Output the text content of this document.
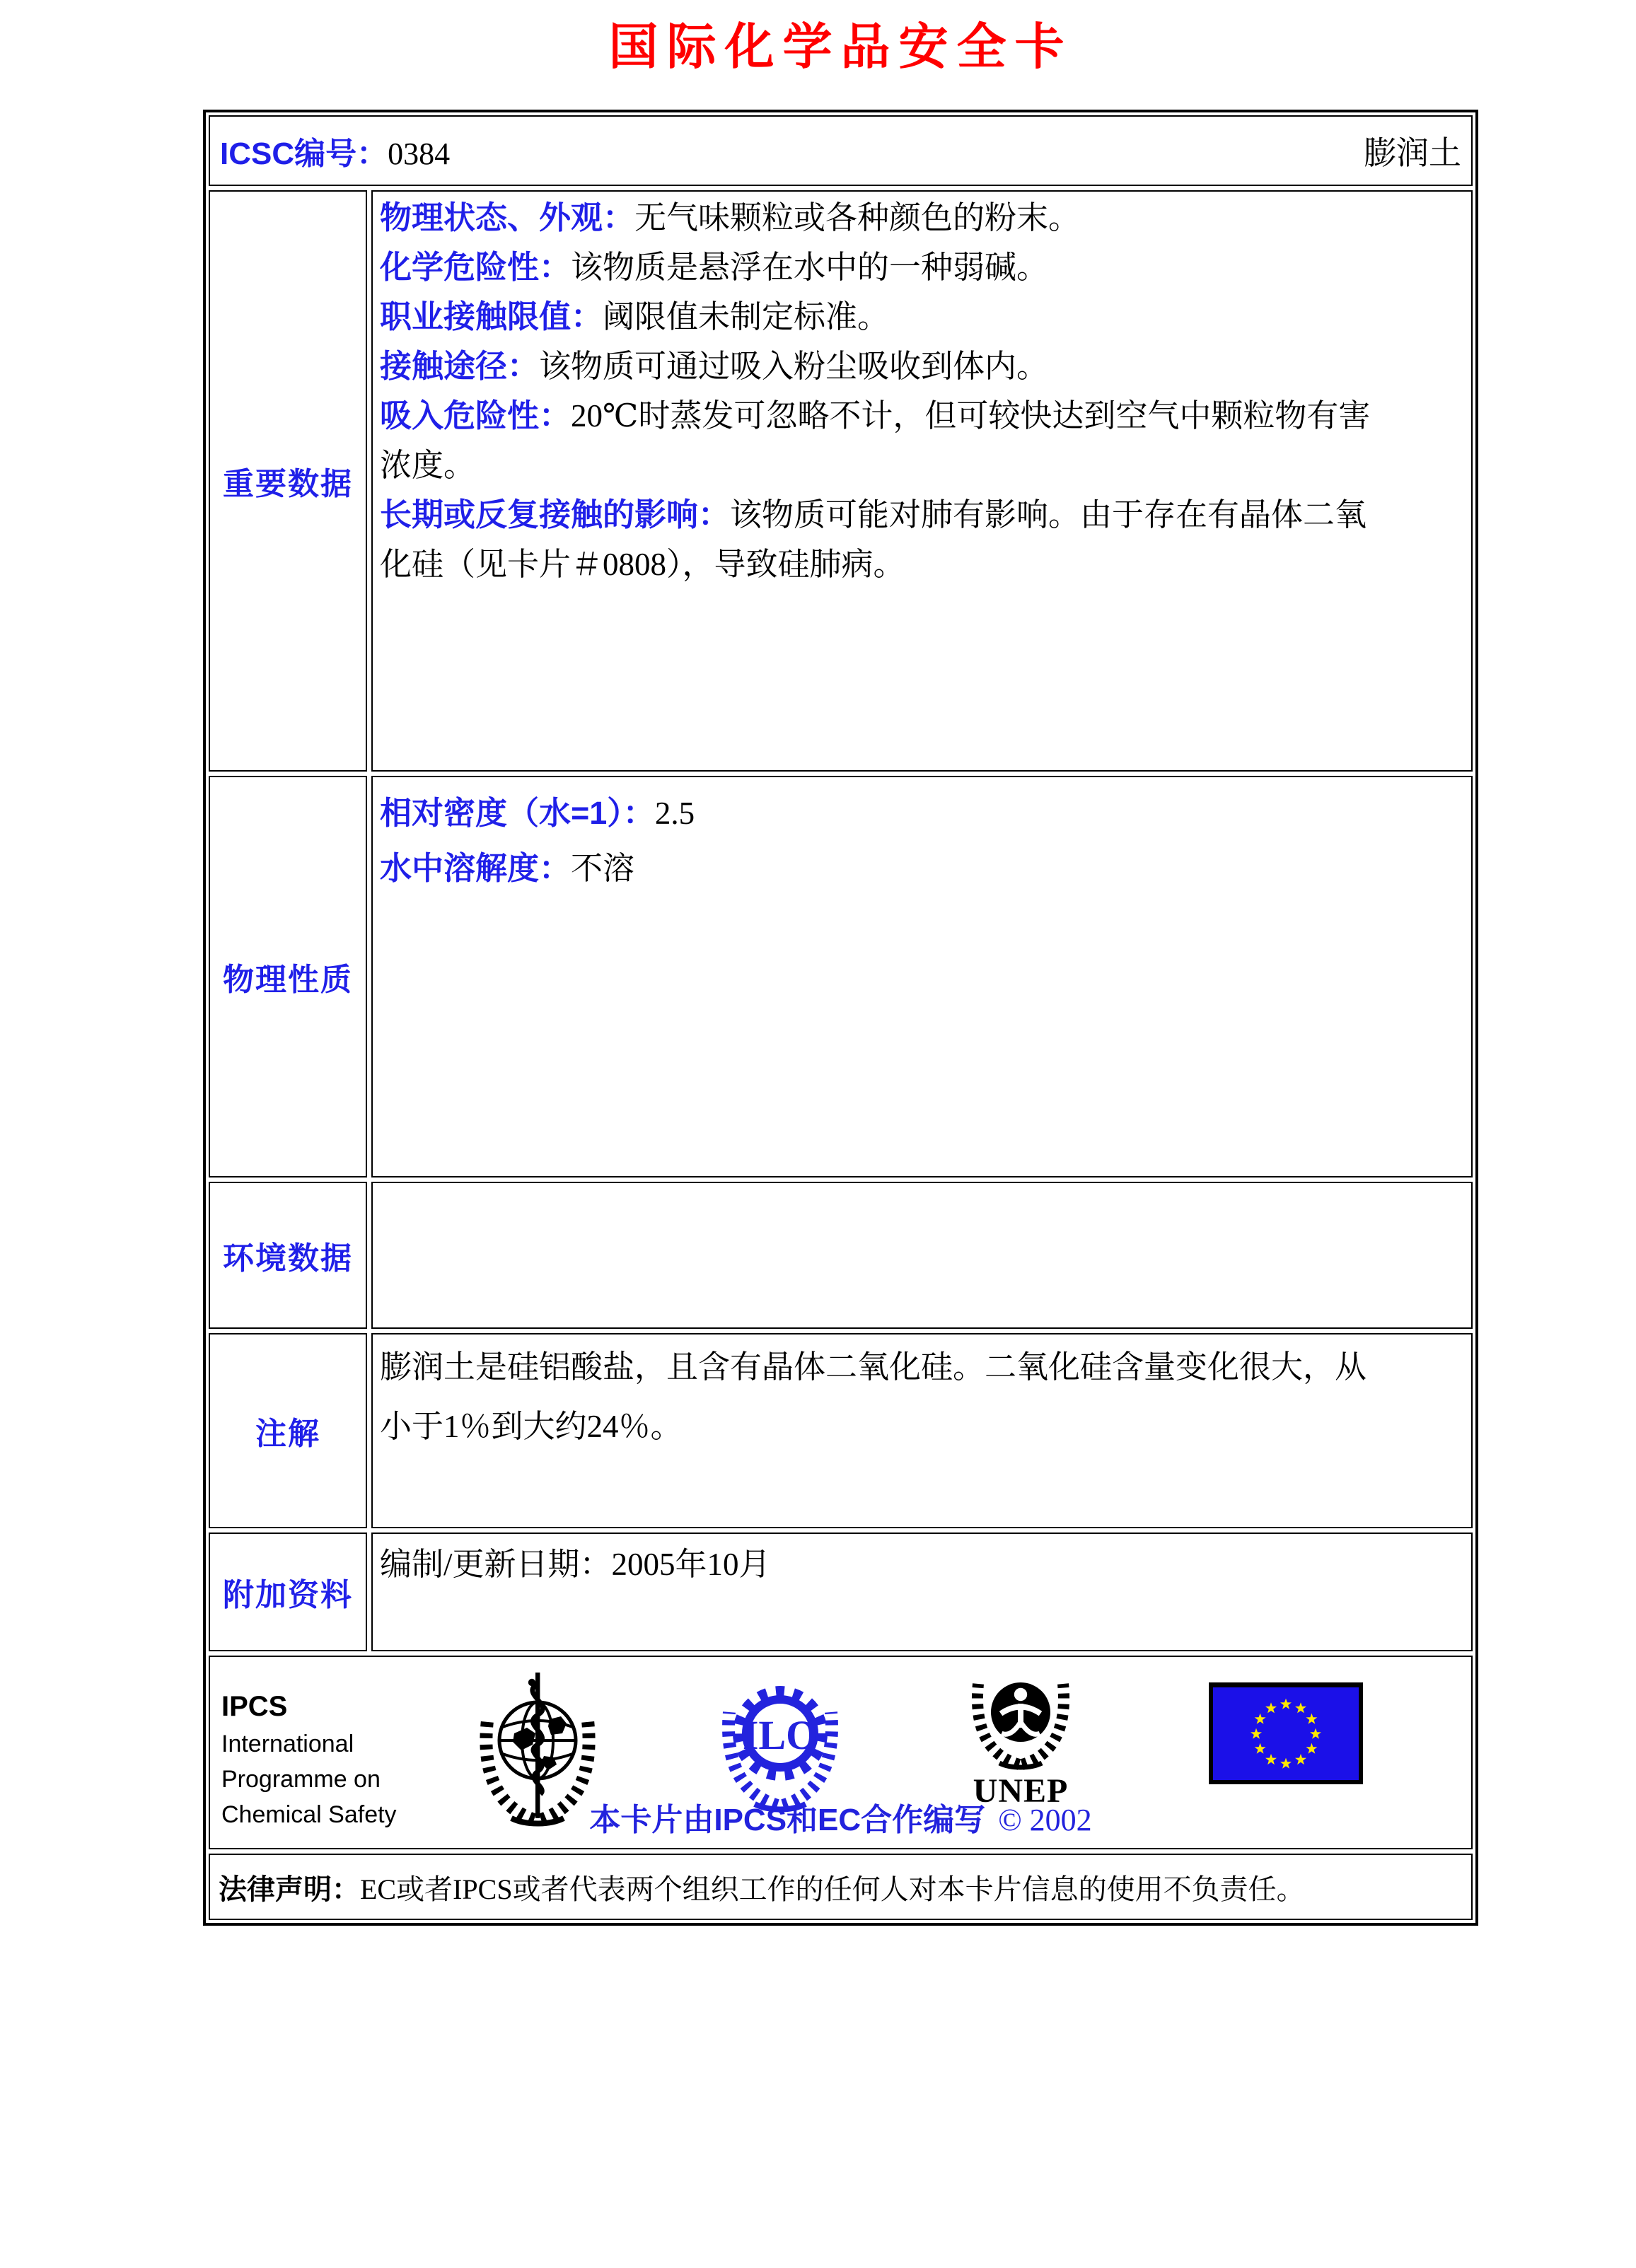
国际化学品安全卡
ICSC编号：0384	膨润土
重要数据
物理状态、外观：无气味颗粒或各种颜色的粉末。
化学危险性：该物质是悬浮在水中的一种弱碱。
职业接触限值：阈限值未制定标准。
接触途径：该物质可通过吸入粉尘吸收到体内。
吸入危险性：20℃时蒸发可忽略不计，但可较快达到空气中颗粒物有害浓度。
长期或反复接触的影响：该物质可能对肺有影响。由于存在有晶体二氧化硅（见卡片＃0808），导致硅肺病。
物理性质
相对密度（水=1）：2.5
水中溶解度：不溶
环境数据
注解
膨润土是硅铝酸盐，且含有晶体二氧化硅。二氧化硅含量变化很大，从小于1％到大约24％。
附加资料
编制/更新日期：2005年10月
IPCS
International
Programme on
Chemical Safety
ILO
UNEP
本卡片由IPCS和EC合作编写 © 2002
法律声明： EC或者IPCS或者代表两个组织工作的任何人对本卡片信息的使用不负责任。
